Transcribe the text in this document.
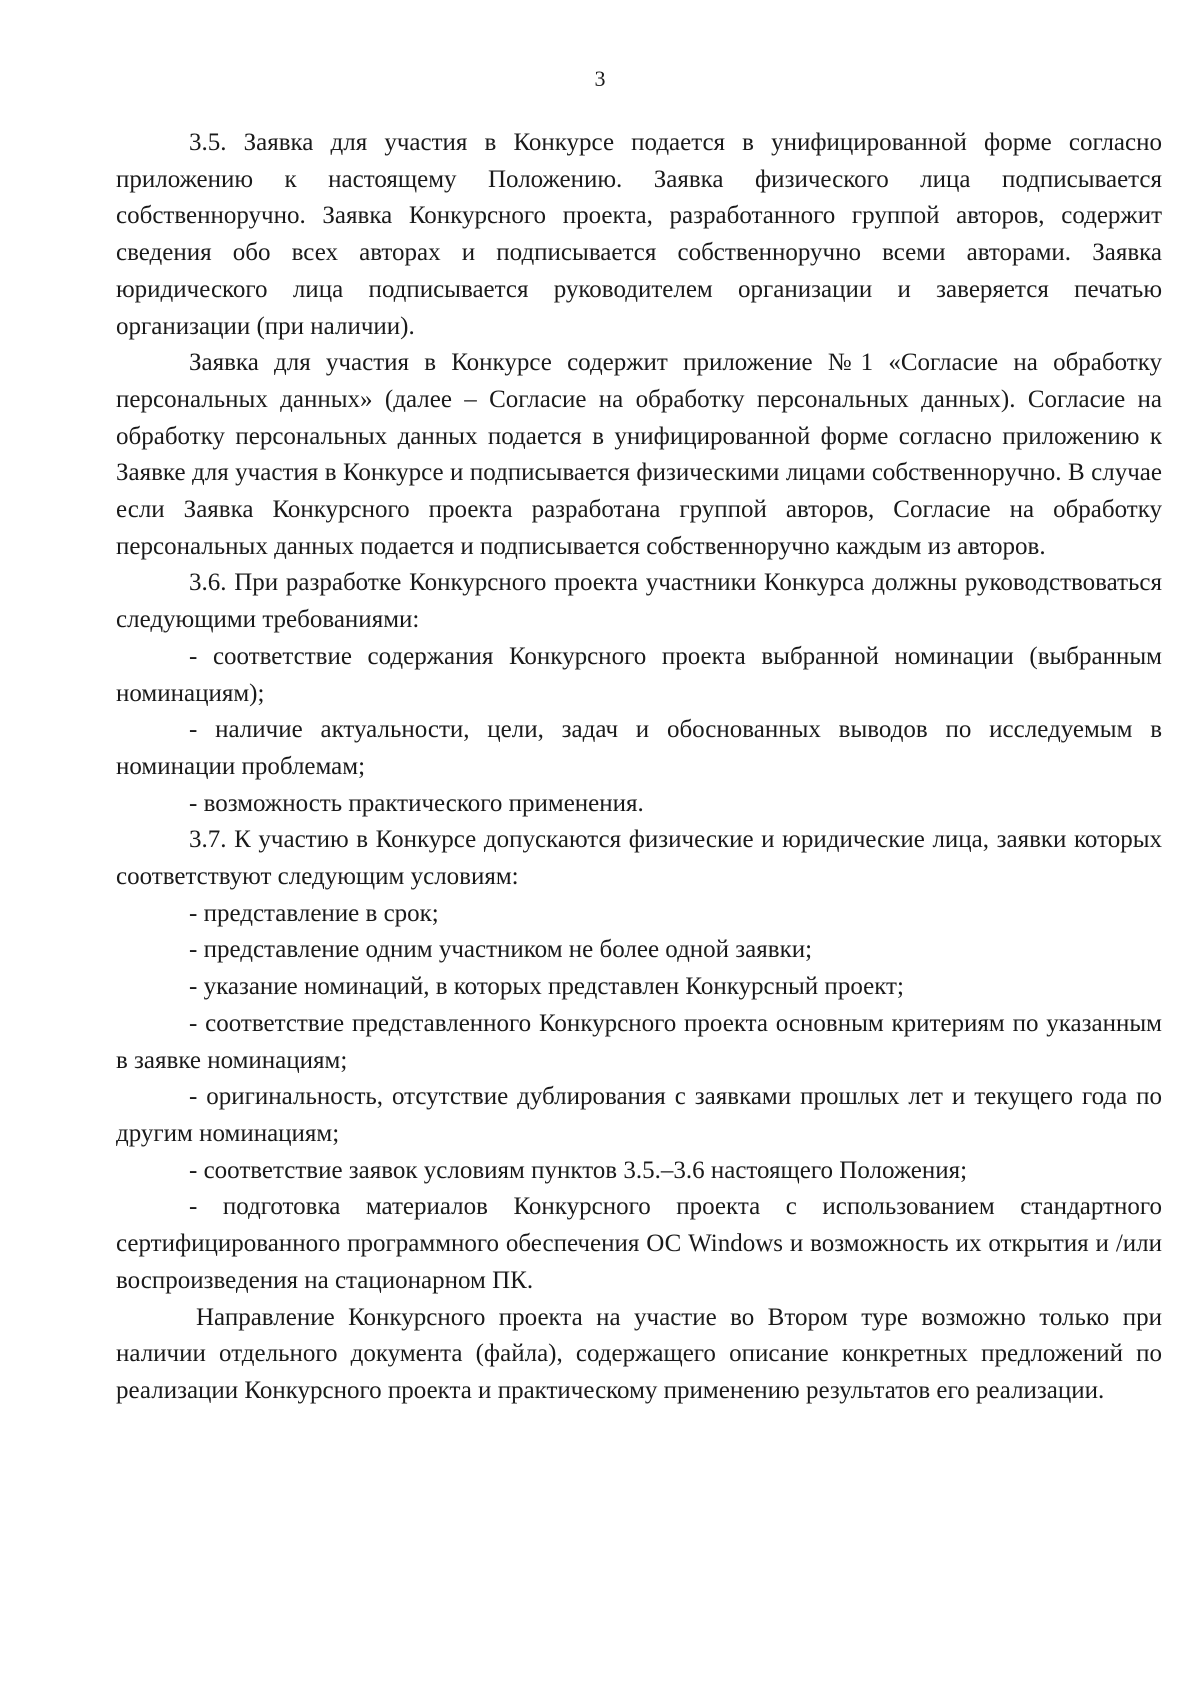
3

3.5. Заявка для участия в Конкурсе подается в унифицированной форме согласно приложению к настоящему Положению. Заявка физического лица подписывается собственноручно. Заявка Конкурсного проекта, разработанного группой авторов, содержит сведения обо всех авторах и подписывается собственноручно всеми авторами. Заявка юридического лица подписывается руководителем организации и заверяется печатью организации (при наличии).

Заявка для участия в Конкурсе содержит приложение №1 «Согласие на обработку персональных данных» (далее – Согласие на обработку персональных данных). Согласие на обработку персональных данных подается в унифицированной форме согласно приложению к Заявке для участия в Конкурсе и подписывается физическими лицами собственноручно. В случае если Заявка Конкурсного проекта разработана группой авторов, Согласие на обработку персональных данных подается и подписывается собственноручно каждым из авторов.

3.6. При разработке Конкурсного проекта участники Конкурса должны руководствоваться следующими требованиями:

- соответствие содержания Конкурсного проекта выбранной номинации (выбранным номинациям);

- наличие актуальности, цели, задач и обоснованных выводов по исследуемым в номинации проблемам;

- возможность практического применения.

3.7. К участию в Конкурсе допускаются физические и юридические лица, заявки которых соответствуют следующим условиям:

- представление в срок;

- представление одним участником не более одной заявки;

- указание номинаций, в которых представлен Конкурсный проект;

- соответствие представленного Конкурсного проекта основным критериям по указанным в заявке номинациям;

- оригинальность, отсутствие дублирования с заявками прошлых лет и текущего года по другим номинациям;

- соответствие заявок условиям пунктов 3.5.–3.6 настоящего Положения;

- подготовка материалов Конкурсного проекта с использованием стандартного сертифицированного программного обеспечения ОС Windows и возможность их открытия и /или воспроизведения на стационарном ПК.

Направление Конкурсного проекта на участие во Втором туре возможно только при наличии отдельного документа (файла), содержащего описание конкретных предложений по реализации Конкурсного проекта и практическому применению результатов его реализации.
